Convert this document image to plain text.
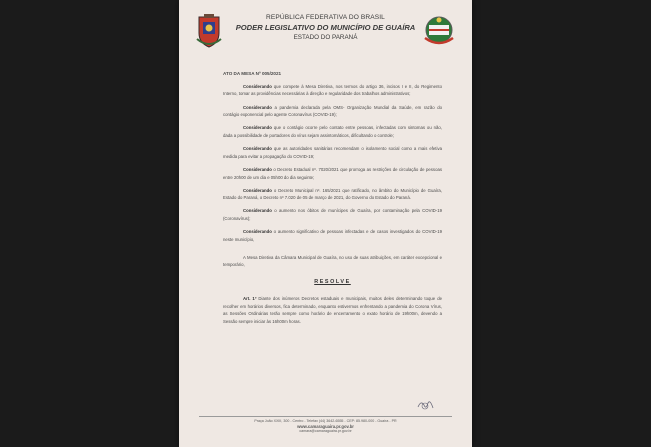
REPÚBLICA FEDERATIVA DO BRASIL
PODER LEGISLATIVO DO MUNICÍPIO DE GUAÍRA
ESTADO DO PARANÁ
ATO DA MESA Nº 005/2021
Considerando que compete à Mesa Diretiva, nos termos do artigo 36, incisos I e II, do Regimento Interno, tomar as providências necessárias à direção e regularidade dos trabalhos administrativos;
Considerando a pandemia declarada pela OMS- Organização Mundial da Saúde, em razão do contágio exponencial pelo agente Coronavírus (COVID-19);
Considerando que o contágio ocorre pelo contato entre pessoas, infectadas com sintomas ou não, dada a possibilidade de portadores do vírus sejam assintomáticos, dificultando o controle;
Considerando que as autoridades sanitárias recomendam o isolamento social como a mais efetiva medida para evitar a propagação do COVID-19;
Considerando o Decreto Estadual nº. 7020/2021 que prorroga as restrições de circulação de pessoas entre 20h00 de um dia e 05h00 do dia seguinte;
Considerando o Decreto Municipal nº. 165/2021 que ratificado, no âmbito do Município de Guaíra, Estado do Paraná, o Decreto nº 7.020 de 05 de março de 2021, do Governo do Estado do Paraná.
Considerando o aumento nos óbitos de munícipes de Guaíra, por contaminação pela COVID-19 (Coronavírus);
Considerando o aumento significativo de pessoas infectadas e de casos investigados do COVID-19 neste município,
A Mesa Diretiva da Câmara Municipal de Guaíra, no uso de suas atribuições, em caráter excepcional e temporário,
RESOLVE
Art. 1º Diante dos inúmeros Decretos estaduais e municipais, muitos deles determinando toque de recolher em horários diversos, fica determinado, enquanto estivermos enfrentando a pandemia do Corona Vírus, as Sessões Ordinárias terão sempre como horário de encerramento o exato horário de 19h00m, devendo a Sessão sempre iniciar às 16h00m horas.
Praça João XXIII, 300 - Centro - Telefax (44) 3642-6555 - CEP: 85.980-000 - Guaíra - PR
www.camaraguaira.pr.gov.br
camara@camaraguaira.pr.gov.br
